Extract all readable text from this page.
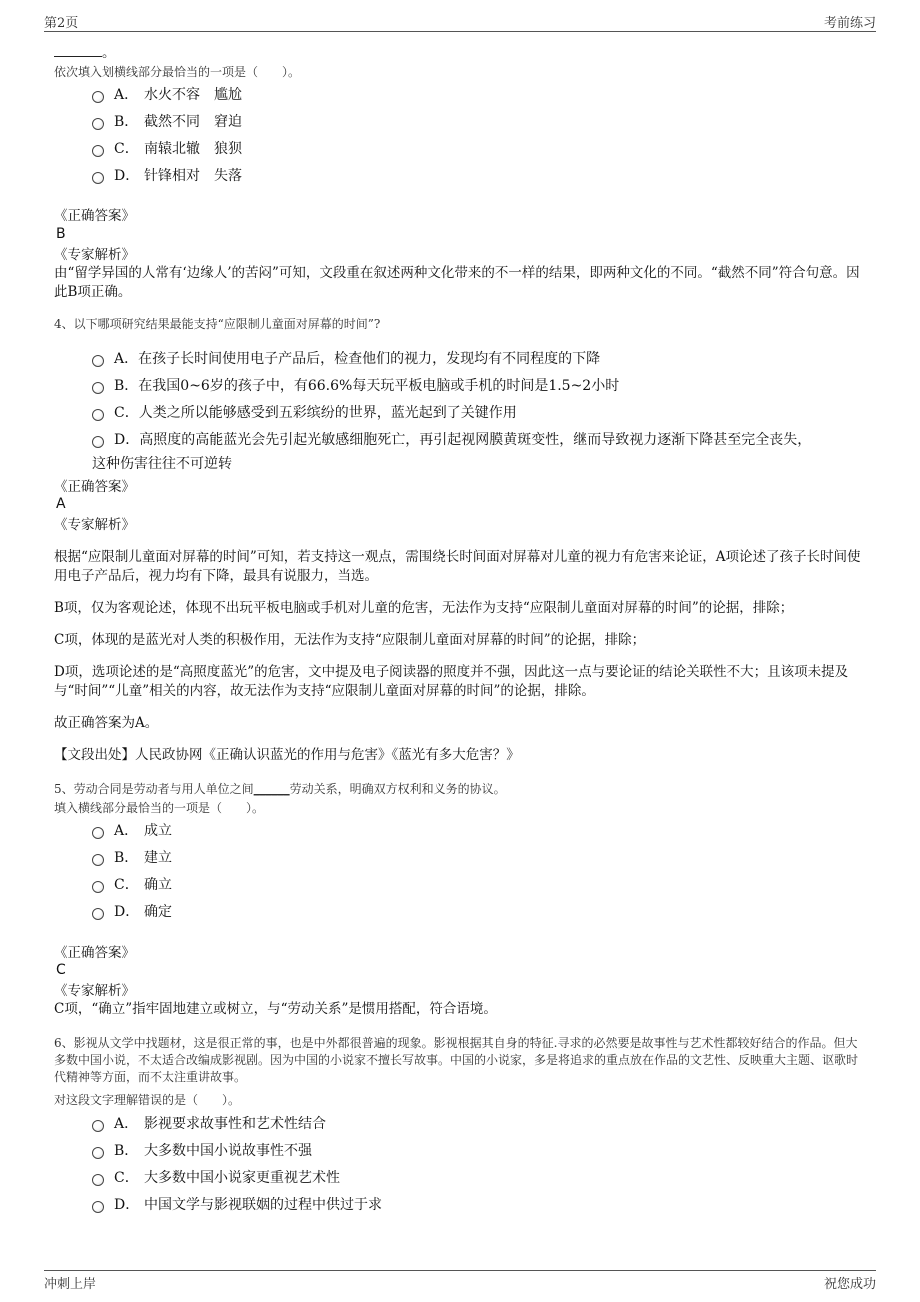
第2页	考前练习
。
依次填入划横线部分最恰当的一项是（　　）。
A． 水火不容　尴尬
B． 截然不同　窘迫
C． 南辕北辙　狼狈
D． 针锋相对　失落
《正确答案》
B
《专家解析》
由“留学异国的人常有‘边缘人’的苦闷”可知，文段重在叙述两种文化带来的不一样的结果，即两种文化的不同。“截然不同”符合句意。因此B项正确。
4、以下哪项研究结果最能支持“应限制儿童面对屏幕的时间”?
A．在孩子长时间使用电子产品后，检查他们的视力，发现均有不同程度的下降
B．在我国0~6岁的孩子中，有66.6%每天玩平板电脑或手机的时间是1.5~2小时
C．人类之所以能够感受到五彩缤纷的世界，蓝光起到了关键作用
D．高照度的高能蓝光会先引起光敏感细胞死亡，再引起视网膜黄斑变性，继而导致视力逐渐下降甚至完全丧失，
这种伤害往往不可逆转
《正确答案》
A
《专家解析》
根据“应限制儿童面对屏幕的时间”可知，若支持这一观点，需围绕长时间面对屏幕对儿童的视力有危害来论证，A项论述了孩子长时间使用电子产品后，视力均有下降，最具有说服力，当选。
B项，仅为客观论述，体现不出玩平板电脑或手机对儿童的危害，无法作为支持“应限制儿童面对屏幕的时间”的论据，排除；
C项，体现的是蓝光对人类的积极作用，无法作为支持“应限制儿童面对屏幕的时间”的论据，排除；
D项，选项论述的是“高照度蓝光”的危害，文中提及电子阅读器的照度并不强，因此这一点与要论证的结论关联性不大；且该项未提及与“时间”“儿童”相关的内容，故无法作为支持“应限制儿童面对屏幕的时间”的论据，排除。
故正确答案为A。
【文段出处】人民政协网《正确认识蓝光的作用与危害》《蓝光有多大危害？》
5、劳动合同是劳动者与用人单位之间______劳动关系，明确双方权利和义务的协议。
填入横线部分最恰当的一项是（　　）。
A． 成立
B． 建立
C． 确立
D． 确定
《正确答案》
C
《专家解析》
C项，“确立”指牢固地建立或树立，与“劳动关系”是惯用搭配，符合语境。
6、影视从文学中找题材，这是很正常的事，也是中外都很普遍的现象。影视根据其自身的特征.寻求的必然要是故事性与艺术性都较好结合的作品。但大多数中国小说，不太适合改编成影视剧。因为中国的小说家不擅长写故事。中国的小说家，多是将追求的重点放在作品的文艺性、反映重大主题、讴歌时代精神等方面，而不太注重讲故事。
对这段文字理解错误的是（　　）。
A． 影视要求故事性和艺术性结合
B． 大多数中国小说故事性不强
C． 大多数中国小说家更重视艺术性
D． 中国文学与影视联姻的过程中供过于求
冲刺上岸	祝您成功
